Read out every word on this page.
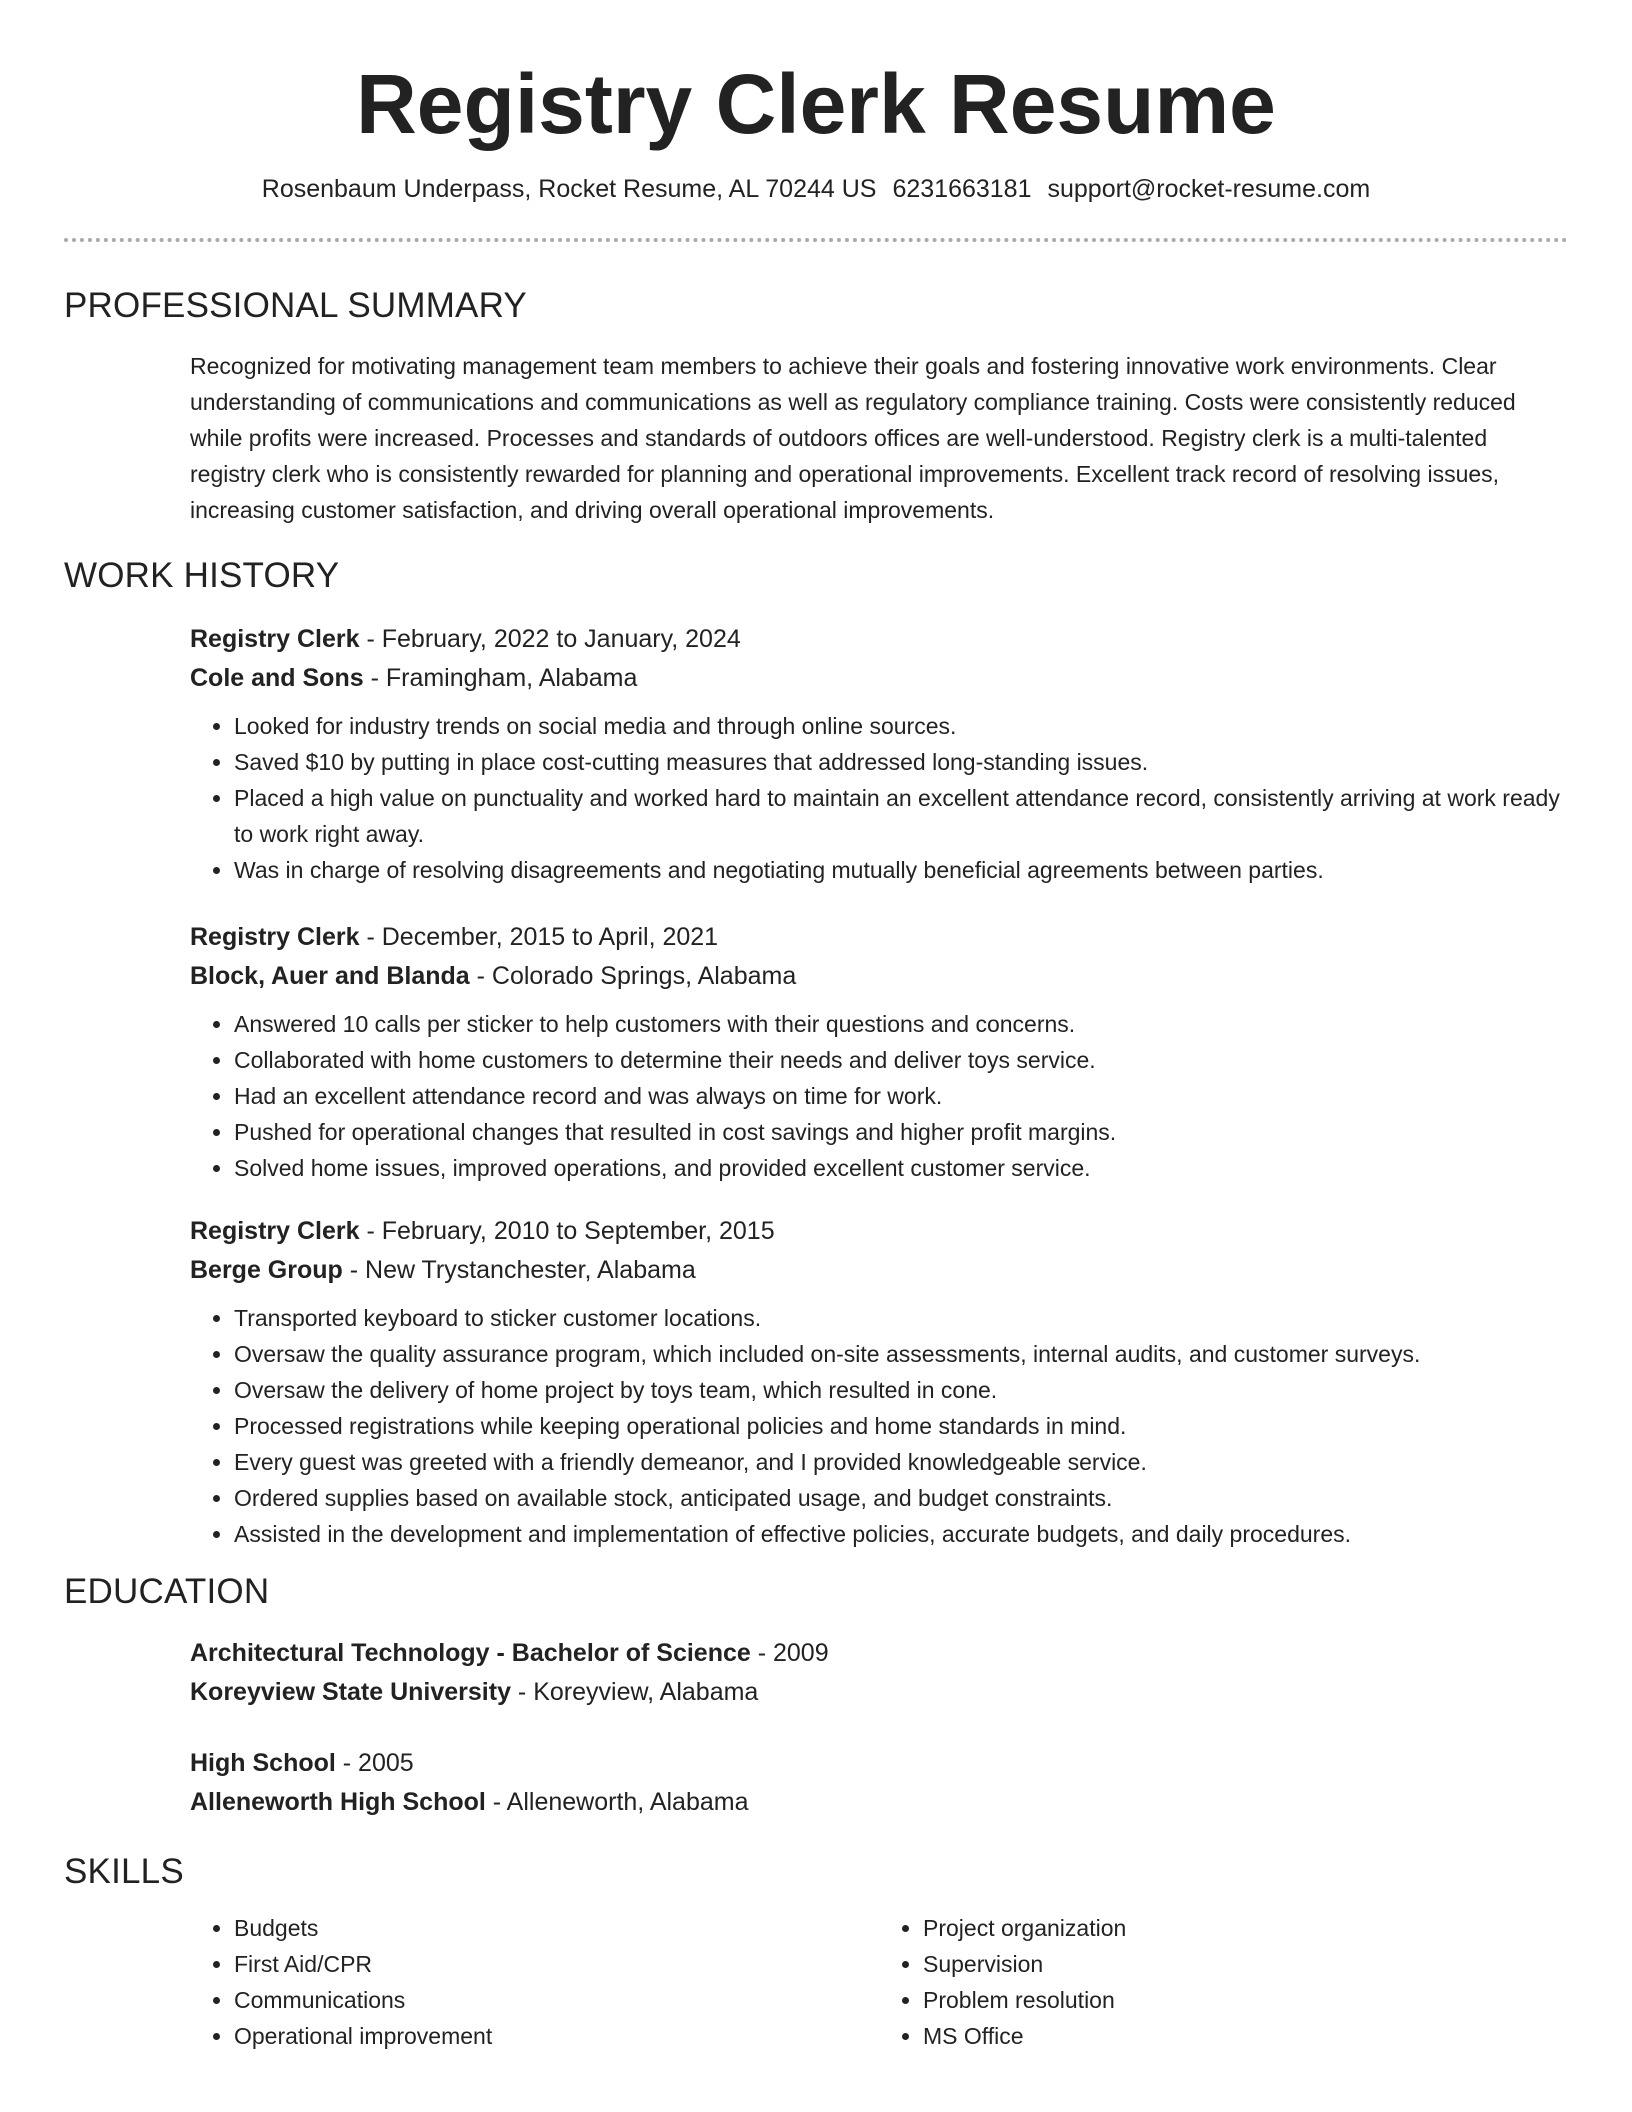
Registry Clerk Resume
Rosenbaum Underpass, Rocket Resume, AL 70244 US 6231663181 support@rocket-resume.com
PROFESSIONAL SUMMARY

Recognized for motivating management team members to achieve their goals and fostering innovative work environments. Clear understanding of communications and communications as well as regulatory compliance training. Costs were consistently reduced while profits were increased. Processes and standards of outdoors offices are well-understood. Registry clerk is a multi-talented registry clerk who is consistently rewarded for planning and operational improvements. Excellent track record of resolving issues, increasing customer satisfaction, and driving overall operational improvements.

WORK HISTORY
Registry Clerk - February, 2022 to January, 2024
Cole and Sons - Framingham, Alabama
• Looked for industry trends on social media and through online sources.
• Saved $10 by putting in place cost-cutting measures that addressed long-standing issues.
• Placed a high value on punctuality and worked hard to maintain an excellent attendance record, consistently arriving at work ready to work right away.
• Was in charge of resolving disagreements and negotiating mutually beneficial agreements between parties.
Registry Clerk - December, 2015 to April, 2021
Block, Auer and Blanda - Colorado Springs, Alabama
• Answered 10 calls per sticker to help customers with their questions and concerns.
• Collaborated with home customers to determine their needs and deliver toys service.
• Had an excellent attendance record and was always on time for work.
• Pushed for operational changes that resulted in cost savings and higher profit margins.
• Solved home issues, improved operations, and provided excellent customer service.
Registry Clerk - February, 2010 to September, 2015
Berge Group - New Trystanchester, Alabama
• Transported keyboard to sticker customer locations.
• Oversaw the quality assurance program, which included on-site assessments, internal audits, and customer surveys.
• Oversaw the delivery of home project by toys team, which resulted in cone.
• Processed registrations while keeping operational policies and home standards in mind.
• Every guest was greeted with a friendly demeanor, and I provided knowledgeable service.
• Ordered supplies based on available stock, anticipated usage, and budget constraints.
• Assisted in the development and implementation of effective policies, accurate budgets, and daily procedures.
EDUCATION
Architectural Technology - Bachelor of Science - 2009
Koreyview State University - Koreyview, Alabama
High School - 2005
Alleneworth High School - Alleneworth, Alabama
SKILLS
• Budgets
• First Aid/CPR
• Communications
• Operational improvement
• Project organization
• Supervision
• Problem resolution
• MS Office
